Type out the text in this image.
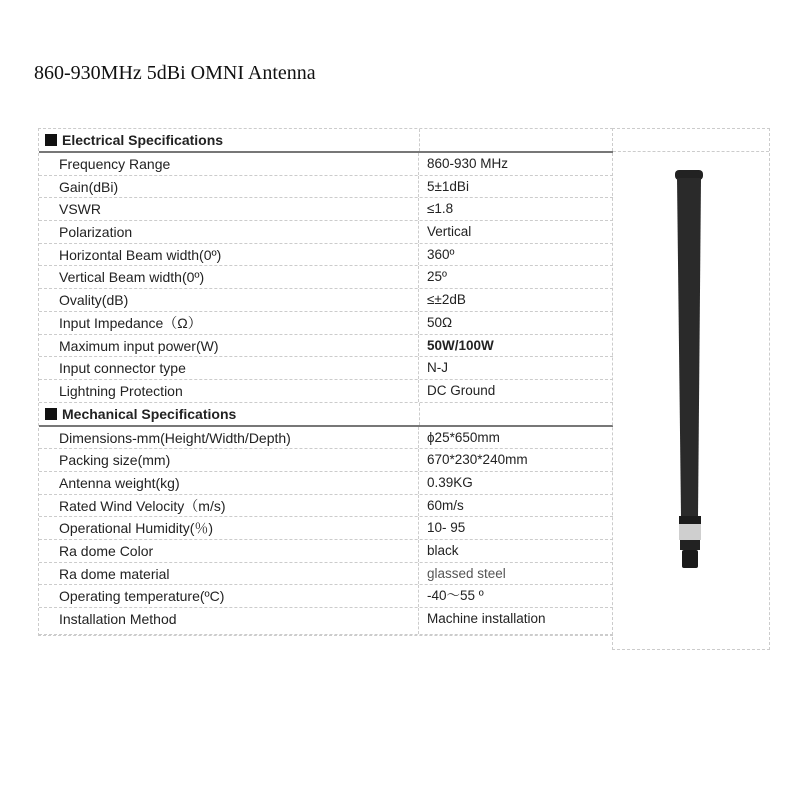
860-930MHz 5dBi OMNI Antenna
Electrical Specifications
Frequency Range	860-930 MHz
Gain(dBi)	5±1dBi
VSWR	≤1.8
Polarization	Vertical
Horizontal Beam width(0º)	360º
Vertical Beam width(0º)	25º
Ovality(dB)	≤±2dB
Input Impedance（Ω）	50Ω
Maximum input power(W)	50W/100W
Input connector type	N-J
Lightning Protection	DC Ground
Mechanical Specifications
Dimensions-mm(Height/Width/Depth)	ϕ25*650mm
Packing size(mm)	670*230*240mm
Antenna weight(kg)	0.39KG
Rated Wind Velocity（m/s)	60m/s
Operational Humidity(％)	10- 95
Ra dome Color	black
Ra dome material	glassed steel
Operating temperature(ºC)	-40～55 º
Installation Method	Machine installation
